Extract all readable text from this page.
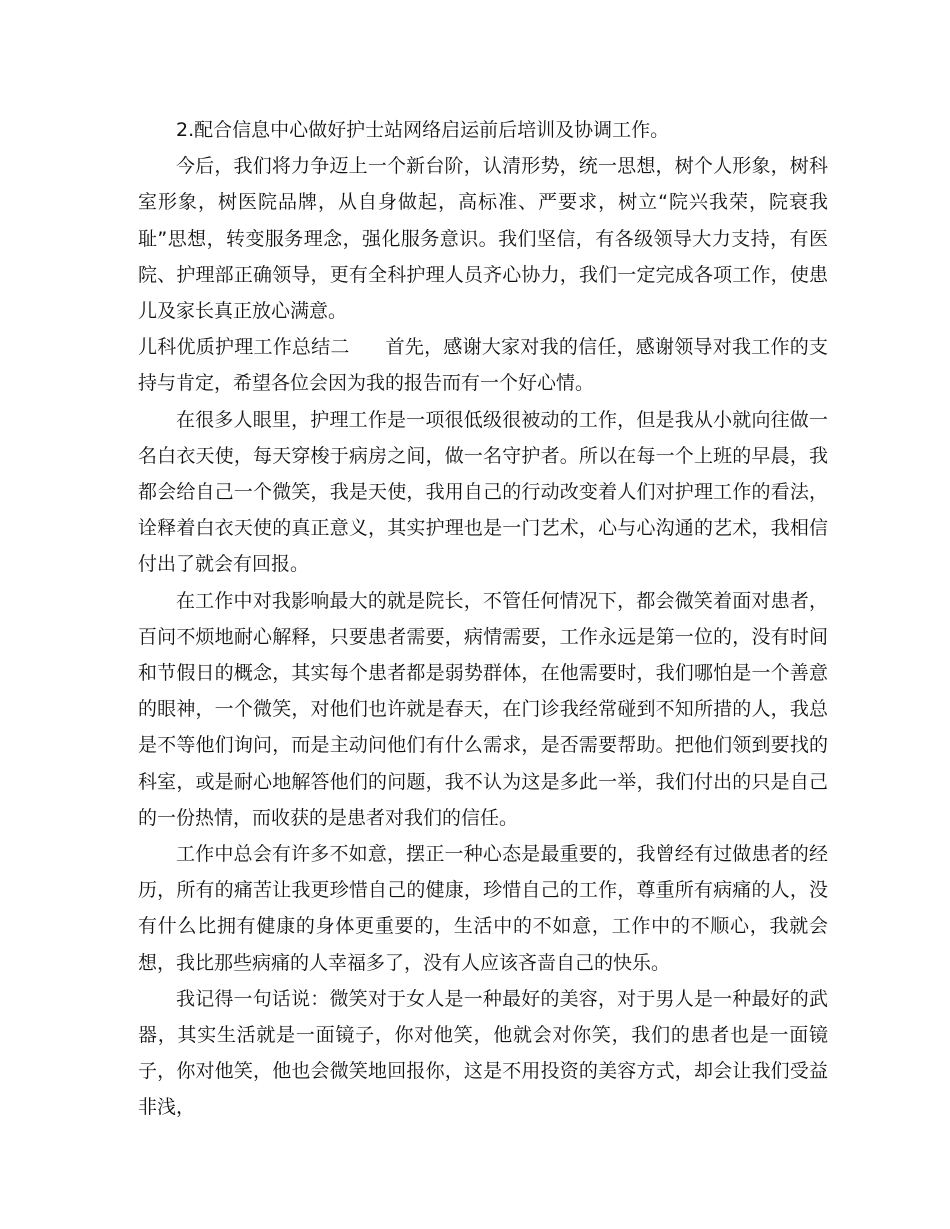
2.配合信息中心做好护士站网络启运前后培训及协调工作。

今后，我们将力争迈上一个新台阶，认清形势，统一思想，树个人形象，树科室形象，树医院品牌，从自身做起，高标准、严要求，树立“院兴我荣，院衰我耻”思想，转变服务理念，强化服务意识。我们坚信，有各级领导大力支持，有医院、护理部正确领导，更有全科护理人员齐心协力，我们一定完成各项工作，使患儿及家长真正放心满意。

儿科优质护理工作总结二 首先，感谢大家对我的信任，感谢领导对我工作的支持与肯定，希望各位会因为我的报告而有一个好心情。

在很多人眼里，护理工作是一项很低级很被动的工作，但是我从小就向往做一名白衣天使，每天穿梭于病房之间，做一名守护者。所以在每一个上班的早晨，我都会给自己一个微笑，我是天使，我用自己的行动改变着人们对护理工作的看法，诠释着白衣天使的真正意义，其实护理也是一门艺术，心与心沟通的艺术，我相信付出了就会有回报。

在工作中对我影响最大的就是院长，不管任何情况下，都会微笑着面对患者，百问不烦地耐心解释，只要患者需要，病情需要，工作永远是第一位的，没有时间和节假日的概念，其实每个患者都是弱势群体，在他需要时，我们哪怕是一个善意的眼神，一个微笑，对他们也许就是春天，在门诊我经常碰到不知所措的人，我总是不等他们询问，而是主动问他们有什么需求，是否需要帮助。把他们领到要找的科室，或是耐心地解答他们的问题，我不认为这是多此一举，我们付出的只是自己的一份热情，而收获的是患者对我们的信任。

工作中总会有许多不如意，摆正一种心态是最重要的，我曾经有过做患者的经历，所有的痛苦让我更珍惜自己的健康，珍惜自己的工作，尊重所有病痛的人，没有什么比拥有健康的身体更重要的，生活中的不如意，工作中的不顺心，我就会想，我比那些病痛的人幸福多了，没有人应该吝啬自己的快乐。

我记得一句话说：微笑对于女人是一种最好的美容，对于男人是一种最好的武器，其实生活就是一面镜子，你对他笑，他就会对你笑，我们的患者也是一面镜子，你对他笑，他也会微笑地回报你，这是不用投资的美容方式，却会让我们受益非浅，
